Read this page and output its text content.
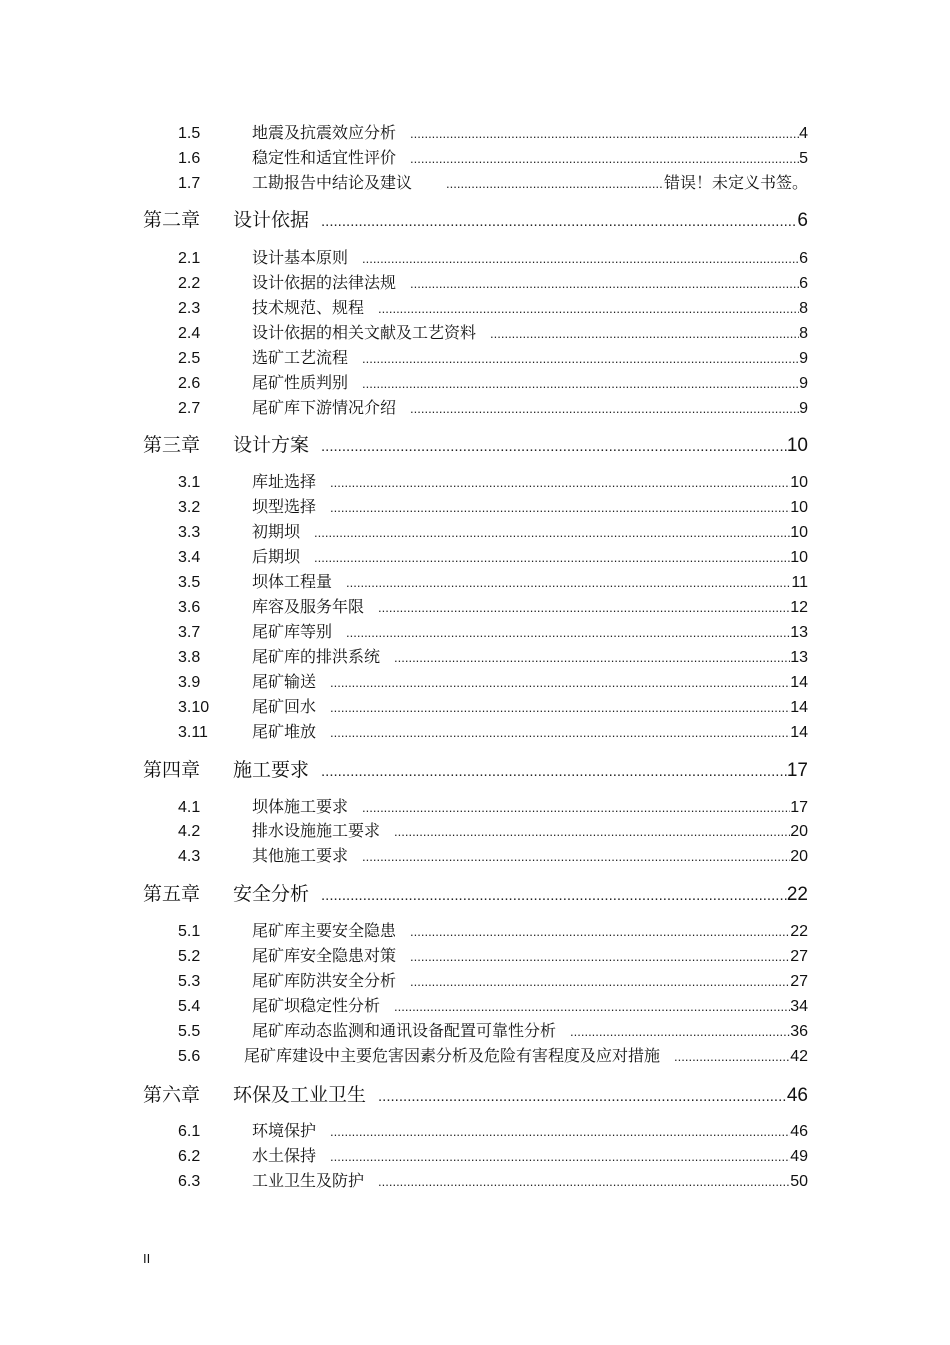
1.5	地震及抗震效应分析 .....	4
1.6	稳定性和适宜性评价 .....	5
1.7	工勘报告中结论及建议 .....	错误！未定义书签。
第二章	设计依据 .....	6
2.1	设计基本原则 .....	6
2.2	设计依据的法律法规 .....	6
2.3	技术规范、规程 .....	8
2.4	设计依据的相关文献及工艺资料 .....	8
2.5	选矿工艺流程 .....	9
2.6	尾矿性质判别 .....	9
2.7	尾矿库下游情况介绍 .....	9
第三章	设计方案 .....	10
3.1	库址选择 .....	10
3.2	坝型选择 .....	10
3.3	初期坝 .....	10
3.4	后期坝 .....	10
3.5	坝体工程量 .....	11
3.6	库容及服务年限 .....	12
3.7	尾矿库等别 .....	13
3.8	尾矿库的排洪系统 .....	13
3.9	尾矿输送 .....	14
3.10	尾矿回水 .....	14
3.11	尾矿堆放 .....	14
第四章	施工要求 .....	17
4.1	坝体施工要求 .....	17
4.2	排水设施施工要求 .....	20
4.3	其他施工要求 .....	20
第五章	安全分析 .....	22
5.1	尾矿库主要安全隐患 .....	22
5.2	尾矿库安全隐患对策 .....	27
5.3	尾矿库防洪安全分析 .....	27
5.4	尾矿坝稳定性分析 .....	34
5.5	尾矿库动态监测和通讯设备配置可靠性分析 .....	36
5.6	尾矿库建设中主要危害因素分析及危险有害程度及应对措施 .....	42
第六章	环保及工业卫生 .....	46
6.1	环境保护 .....	46
6.2	水土保持 .....	49
6.3	工业卫生及防护 .....	50
II
